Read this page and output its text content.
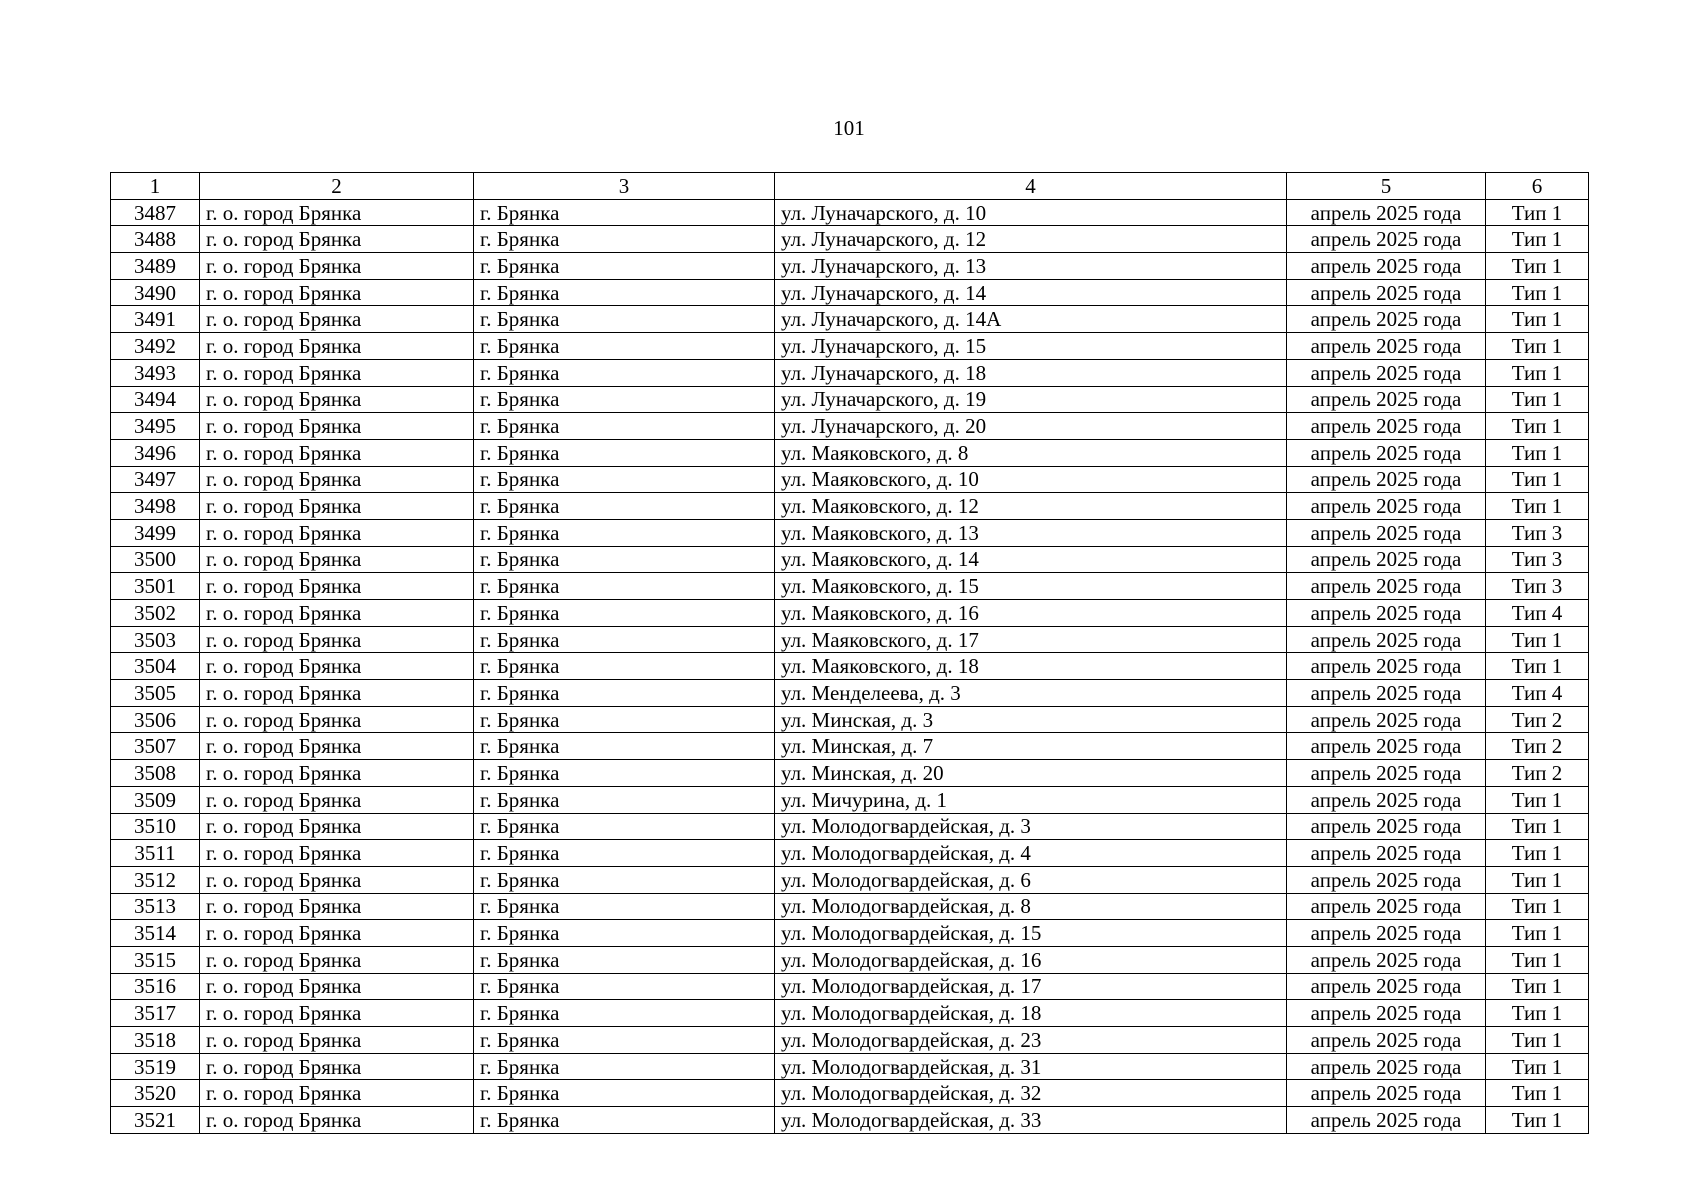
101
1	2	3	4	5	6
3487	г. о. город Брянка	г. Брянка	ул. Луначарского, д. 10	апрель 2025 года	Тип 1
3488	г. о. город Брянка	г. Брянка	ул. Луначарского, д. 12	апрель 2025 года	Тип 1
3489	г. о. город Брянка	г. Брянка	ул. Луначарского, д. 13	апрель 2025 года	Тип 1
3490	г. о. город Брянка	г. Брянка	ул. Луначарского, д. 14	апрель 2025 года	Тип 1
3491	г. о. город Брянка	г. Брянка	ул. Луначарского, д. 14А	апрель 2025 года	Тип 1
3492	г. о. город Брянка	г. Брянка	ул. Луначарского, д. 15	апрель 2025 года	Тип 1
3493	г. о. город Брянка	г. Брянка	ул. Луначарского, д. 18	апрель 2025 года	Тип 1
3494	г. о. город Брянка	г. Брянка	ул. Луначарского, д. 19	апрель 2025 года	Тип 1
3495	г. о. город Брянка	г. Брянка	ул. Луначарского, д. 20	апрель 2025 года	Тип 1
3496	г. о. город Брянка	г. Брянка	ул. Маяковского, д. 8	апрель 2025 года	Тип 1
3497	г. о. город Брянка	г. Брянка	ул. Маяковского, д. 10	апрель 2025 года	Тип 1
3498	г. о. город Брянка	г. Брянка	ул. Маяковского, д. 12	апрель 2025 года	Тип 1
3499	г. о. город Брянка	г. Брянка	ул. Маяковского, д. 13	апрель 2025 года	Тип 3
3500	г. о. город Брянка	г. Брянка	ул. Маяковского, д. 14	апрель 2025 года	Тип 3
3501	г. о. город Брянка	г. Брянка	ул. Маяковского, д. 15	апрель 2025 года	Тип 3
3502	г. о. город Брянка	г. Брянка	ул. Маяковского, д. 16	апрель 2025 года	Тип 4
3503	г. о. город Брянка	г. Брянка	ул. Маяковского, д. 17	апрель 2025 года	Тип 1
3504	г. о. город Брянка	г. Брянка	ул. Маяковского, д. 18	апрель 2025 года	Тип 1
3505	г. о. город Брянка	г. Брянка	ул. Менделеева, д. 3	апрель 2025 года	Тип 4
3506	г. о. город Брянка	г. Брянка	ул. Минская, д. 3	апрель 2025 года	Тип 2
3507	г. о. город Брянка	г. Брянка	ул. Минская, д. 7	апрель 2025 года	Тип 2
3508	г. о. город Брянка	г. Брянка	ул. Минская, д. 20	апрель 2025 года	Тип 2
3509	г. о. город Брянка	г. Брянка	ул. Мичурина, д. 1	апрель 2025 года	Тип 1
3510	г. о. город Брянка	г. Брянка	ул. Молодогвардейская, д. 3	апрель 2025 года	Тип 1
3511	г. о. город Брянка	г. Брянка	ул. Молодогвардейская, д. 4	апрель 2025 года	Тип 1
3512	г. о. город Брянка	г. Брянка	ул. Молодогвардейская, д. 6	апрель 2025 года	Тип 1
3513	г. о. город Брянка	г. Брянка	ул. Молодогвардейская, д. 8	апрель 2025 года	Тип 1
3514	г. о. город Брянка	г. Брянка	ул. Молодогвардейская, д. 15	апрель 2025 года	Тип 1
3515	г. о. город Брянка	г. Брянка	ул. Молодогвардейская, д. 16	апрель 2025 года	Тип 1
3516	г. о. город Брянка	г. Брянка	ул. Молодогвардейская, д. 17	апрель 2025 года	Тип 1
3517	г. о. город Брянка	г. Брянка	ул. Молодогвардейская, д. 18	апрель 2025 года	Тип 1
3518	г. о. город Брянка	г. Брянка	ул. Молодогвардейская, д. 23	апрель 2025 года	Тип 1
3519	г. о. город Брянка	г. Брянка	ул. Молодогвардейская, д. 31	апрель 2025 года	Тип 1
3520	г. о. город Брянка	г. Брянка	ул. Молодогвардейская, д. 32	апрель 2025 года	Тип 1
3521	г. о. город Брянка	г. Брянка	ул. Молодогвардейская, д. 33	апрель 2025 года	Тип 1
